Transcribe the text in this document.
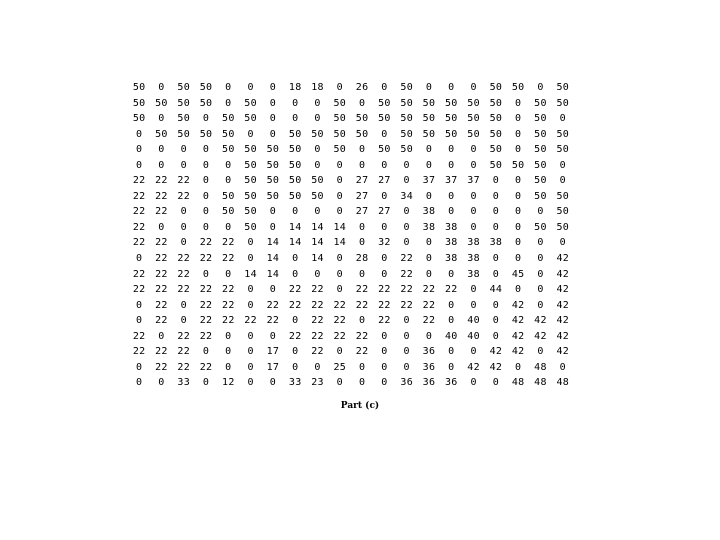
50	0	50 50	0	0	0	18 18	0	26	0	50	0	0	0	50 50	0	50
50 50 50 50	0	50	0	0	0	50	0	50 50 50 50 50 50	0	50 50
50	0	50	0	50 50	0	0	0	50 50 50 50 50 50 50 50	0	50	0
0	50 50 50 50	0	0	50 50 50 50	0	50 50 50 50 50	0	50 50
0	0	0	0	50 50 50 50	0	50	0	50 50	0	0	0	50	0	50 50
0	0	0	0	0	50 50 50	0	0	0	0	0	0	0	0	50 50 50	0
22 22 22	0	0	50 50 50 50	0	27 27	0	37 37 37	0	0	50	0
22 22 22	0	50 50 50 50 50	0	27	0	34	0	0	0	0	0	50 50
22 22	0	0	50 50	0	0	0	0	27 27	0	38	0	0	0	0	0	50
22	0	0	0	0	50	0	14 14 14	0	0	0	38 38	0	0	0	50 50
22 22	0	22 22	0	14 14 14 14	0	32	0	0	38 38 38	0	0	0
0	22 22 22 22	0	14	0	14	0	28	0	22	0	38 38	0	0	0	42
22 22 22	0	0	14 14	0	0	0	0	0	22	0	0	38	0	45	0	42
22 22 22 22 22	0	0	22 22	0	22 22 22 22 22	0	44	0	0	42
0	22	0	22 22	0	22 22 22 22 22 22 22 22	0	0	0	42	0	42
0	22	0	22 22 22 22	0	22 22	0	22	0	22	0	40	0	42 42 42
22	0	22 22	0	0	0	22 22 22 22	0	0	0	40 40	0	42 42 42
22 22 22	0	0	0	17	0	22	0	22	0	0	36	0	0	42 42	0	42
0	22 22 22	0	0	17	0	0	25	0	0	0	36	0	42 42	0	48	0
0	0	33	0	12	0	0	33 23	0	0	0	36 36 36	0	0	48 48 48
Part (c)
